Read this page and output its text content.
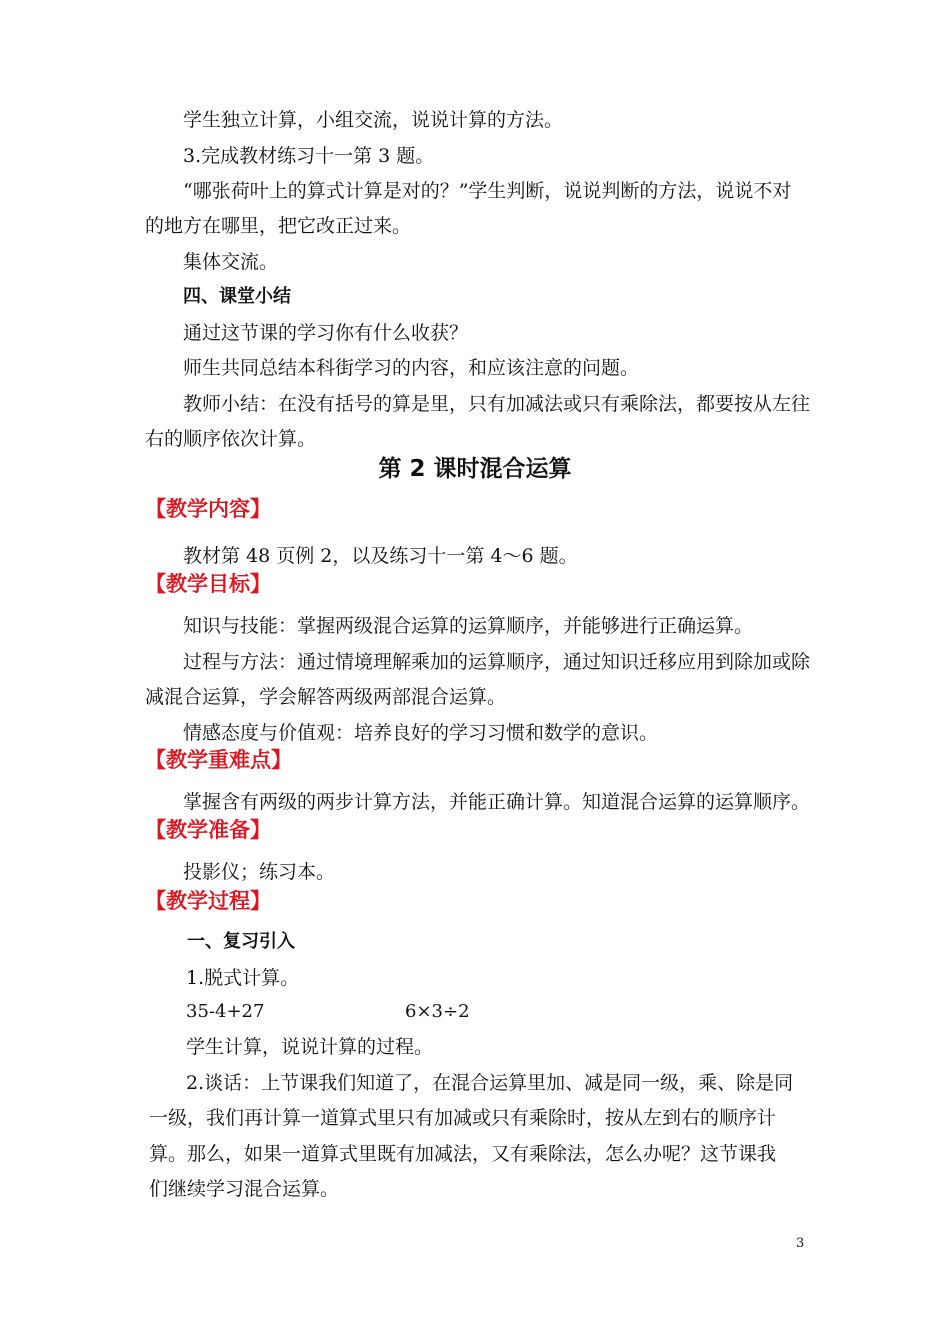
学生独立计算，小组交流，说说计算的方法。
3.完成教材练习十一第 3 题。
“哪张荷叶上的算式计算是对的？”学生判断，说说判断的方法，说说不对
的地方在哪里，把它改正过来。
集体交流。
四、课堂小结
通过这节课的学习你有什么收获？
师生共同总结本科街学习的内容，和应该注意的问题。
教师小结：在没有括号的算是里，只有加减法或只有乘除法，都要按从左往
右的顺序依次计算。
第 2 课时混合运算
【教学内容】
教材第 48 页例 2，以及练习十一第 4～6 题。
【教学目标】
知识与技能：掌握两级混合运算的运算顺序，并能够进行正确运算。
过程与方法：通过情境理解乘加的运算顺序，通过知识迁移应用到除加或除
减混合运算，学会解答两级两部混合运算。
情感态度与价值观：培养良好的学习习惯和数学的意识。
【教学重难点】
掌握含有两级的两步计算方法，并能正确计算。知道混合运算的运算顺序。
【教学准备】
投影仪；练习本。
【教学过程】
一、复习引入
1.脱式计算。
35-4+27	6×3÷2
学生计算，说说计算的过程。
2.谈话：上节课我们知道了，在混合运算里加、减是同一级，乘、除是同
一级，我们再计算一道算式里只有加减或只有乘除时，按从左到右的顺序计
算。那么，如果一道算式里既有加减法，又有乘除法，怎么办呢？这节课我
们继续学习混合运算。
3
